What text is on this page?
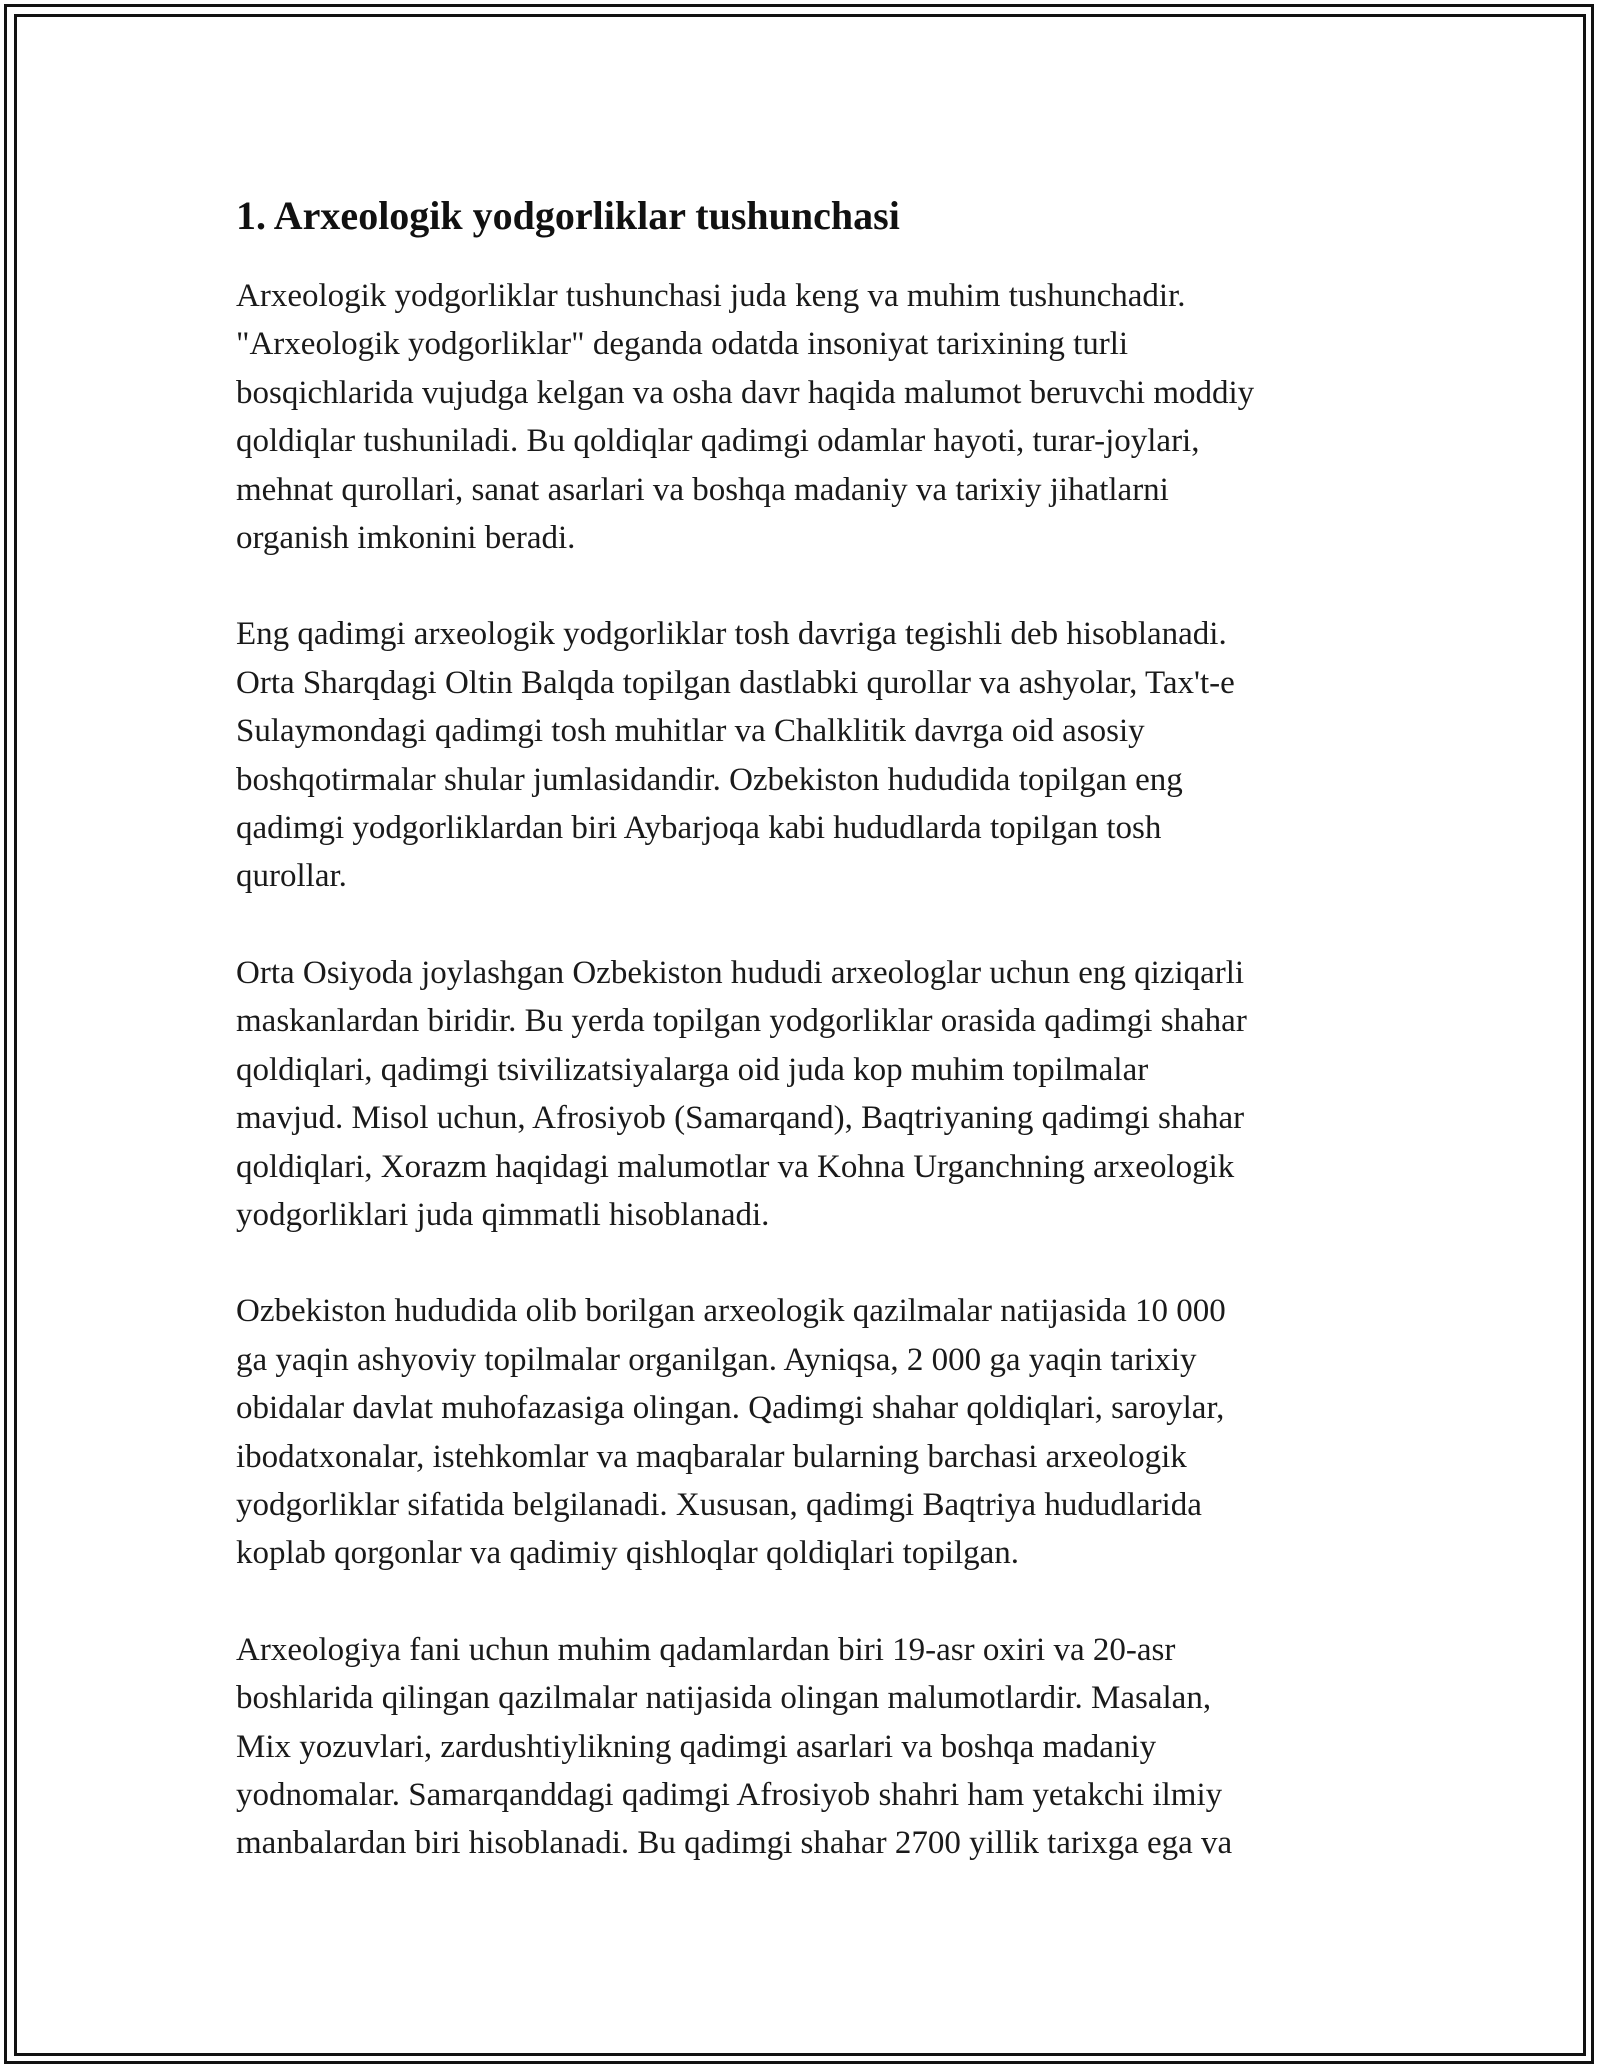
1. Arxeologik yodgorliklar tushunchasi

Arxeologik yodgorliklar tushunchasi juda keng va muhim tushunchadir.
"Arxeologik yodgorliklar" deganda odatda insoniyat tarixining turli
bosqichlarida vujudga kelgan va osha davr haqida malumot beruvchi moddiy
qoldiqlar tushuniladi. Bu qoldiqlar qadimgi odamlar hayoti, turar-joylari,
mehnat qurollari, sanat asarlari va boshqa madaniy va tarixiy jihatlarni
organish imkonini beradi.

Eng qadimgi arxeologik yodgorliklar tosh davriga tegishli deb hisoblanadi.
Orta Sharqdagi Oltin Balqda topilgan dastlabki qurollar va ashyolar, Tax't-e
Sulaymondagi qadimgi tosh muhitlar va Chalklitik davrga oid asosiy
boshqotirmalar shular jumlasidandir. Ozbekiston hududida topilgan eng
qadimgi yodgorliklardan biri Aybarjoqa kabi hududlarda topilgan tosh
qurollar.

Orta Osiyoda joylashgan Ozbekiston hududi arxeologlar uchun eng qiziqarli
maskanlardan biridir. Bu yerda topilgan yodgorliklar orasida qadimgi shahar
qoldiqlari, qadimgi tsivilizatsiyalarga oid juda kop muhim topilmalar
mavjud. Misol uchun, Afrosiyob (Samarqand), Baqtriyaning qadimgi shahar
qoldiqlari, Xorazm haqidagi malumotlar va Kohna Urganchning arxeologik
yodgorliklari juda qimmatli hisoblanadi.

Ozbekiston hududida olib borilgan arxeologik qazilmalar natijasida 10 000
ga yaqin ashyoviy topilmalar organilgan. Ayniqsa, 2 000 ga yaqin tarixiy
obidalar davlat muhofazasiga olingan. Qadimgi shahar qoldiqlari, saroylar,
ibodatxonalar, istehkomlar va maqbaralar bularning barchasi arxeologik
yodgorliklar sifatida belgilanadi. Xususan, qadimgi Baqtriya hududlarida
koplab qorgonlar va qadimiy qishloqlar qoldiqlari topilgan.

Arxeologiya fani uchun muhim qadamlardan biri 19-asr oxiri va 20-asr
boshlarida qilingan qazilmalar natijasida olingan malumotlardir. Masalan,
Mix yozuvlari, zardushtiylikning qadimgi asarlari va boshqa madaniy
yodnomalar. Samarqanddagi qadimgi Afrosiyob shahri ham yetakchi ilmiy
manbalardan biri hisoblanadi. Bu qadimgi shahar 2700 yillik tarixga ega va
